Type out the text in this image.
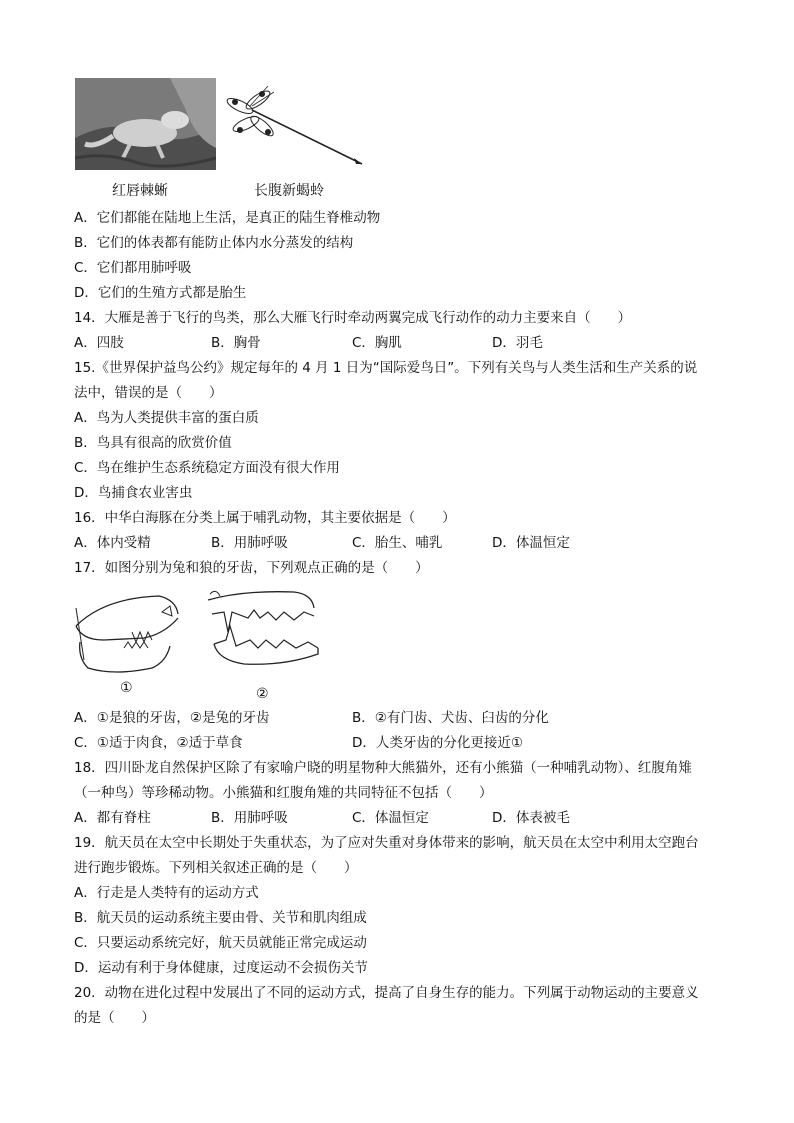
红唇棘蜥	长腹新蝎蛉
A．它们都能在陆地上生活，是真正的陆生脊椎动物
B．它们的体表都有能防止体内水分蒸发的结构
C．它们都用肺呼吸
D．它们的生殖方式都是胎生
14．大雁是善于飞行的鸟类，那么大雁飞行时牵动两翼完成飞行动作的动力主要来自（　　）
A．四肢	B．胸骨	C．胸肌	D．羽毛
15.《世界保护益鸟公约》规定每年的 4 月 1 日为“国际爱鸟日”。下列有关鸟与人类生活和生产关系的说
法中，错误的是（　　）
A．鸟为人类提供丰富的蛋白质
B．鸟具有很高的欣赏价值
C．鸟在维护生态系统稳定方面没有很大作用
D．鸟捕食农业害虫
16．中华白海豚在分类上属于哺乳动物，其主要依据是（　　）
A．体内受精	B．用肺呼吸	C．胎生、哺乳	D．体温恒定
17．如图分别为兔和狼的牙齿，下列观点正确的是（　　）
①	②
A．①是狼的牙齿，②是兔的牙齿	B．②有门齿、犬齿、臼齿的分化
C．①适于肉食，②适于草食	D．人类牙齿的分化更接近①
18．四川卧龙自然保护区除了有家喻户晓的明星物种大熊猫外，还有小熊猫（一种哺乳动物）、红腹角雉
（一种鸟）等珍稀动物。小熊猫和红腹角雉的共同特征不包括（　　）
A．都有脊柱	B．用肺呼吸	C．体温恒定	D．体表被毛
19．航天员在太空中长期处于失重状态，为了应对失重对身体带来的影响，航天员在太空中利用太空跑台
进行跑步锻炼。下列相关叙述正确的是（　　）
A．行走是人类特有的运动方式
B．航天员的运动系统主要由骨、关节和肌肉组成
C．只要运动系统完好，航天员就能正常完成运动
D．运动有利于身体健康，过度运动不会损伤关节
20．动物在进化过程中发展出了不同的运动方式，提高了自身生存的能力。下列属于动物运动的主要意义
的是（　　）
